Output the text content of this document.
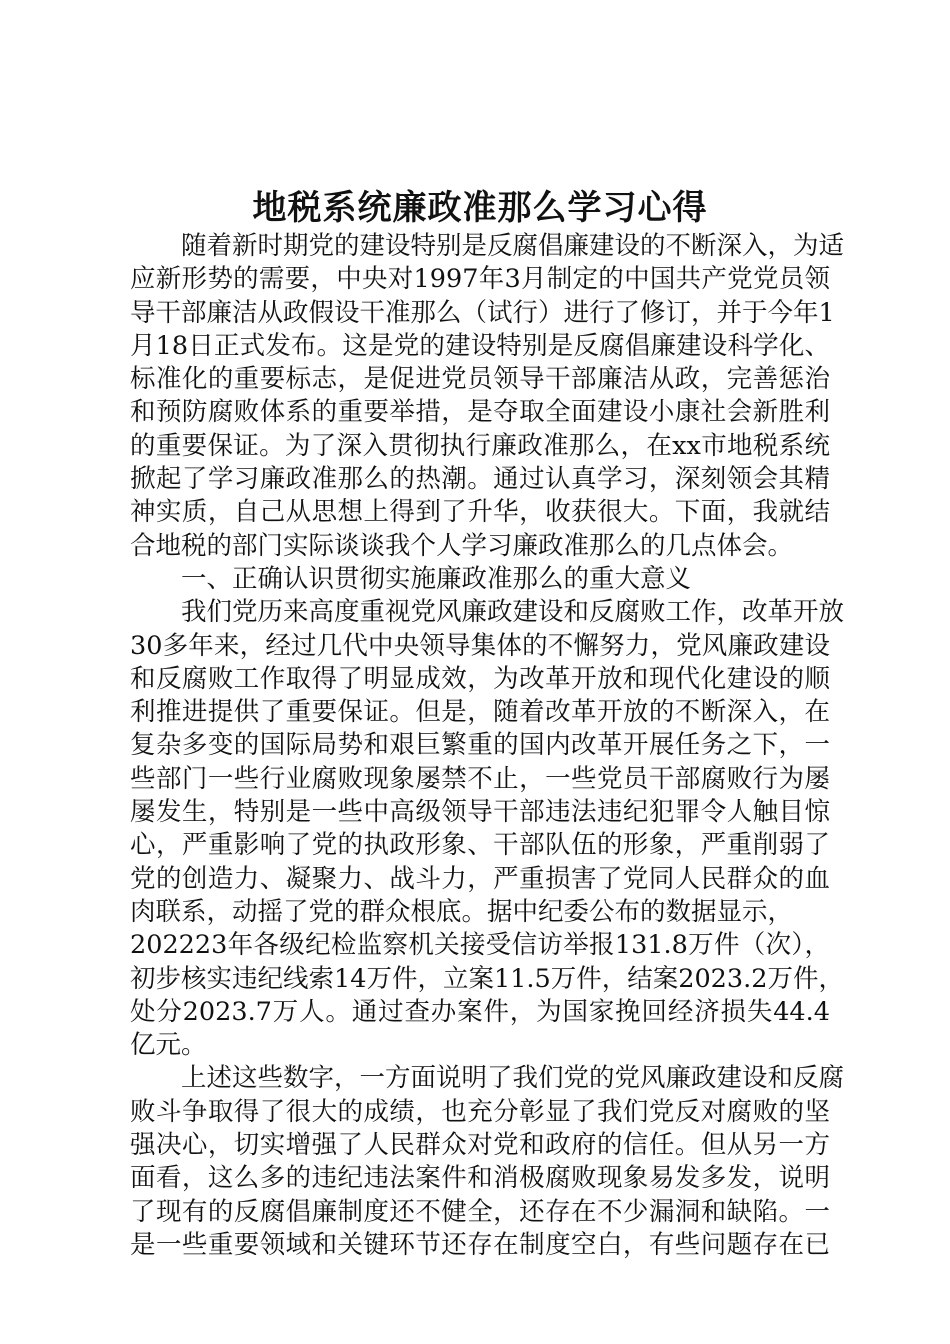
地税系统廉政准那么学习心得
随着新时期党的建设特别是反腐倡廉建设的不断深入，为适
应新形势的需要，中央对1997年3月制定的中国共产党党员领
导干部廉洁从政假设干准那么（试行）进行了修订，并于今年1
月18日正式发布。这是党的建设特别是反腐倡廉建设科学化、
标准化的重要标志，是促进党员领导干部廉洁从政，完善惩治
和预防腐败体系的重要举措，是夺取全面建设小康社会新胜利
的重要保证。为了深入贯彻执行廉政准那么，在xx市地税系统
掀起了学习廉政准那么的热潮。通过认真学习，深刻领会其精
神实质，自己从思想上得到了升华，收获很大。下面，我就结
合地税的部门实际谈谈我个人学习廉政准那么的几点体会。
一、正确认识贯彻实施廉政准那么的重大意义
我们党历来高度重视党风廉政建设和反腐败工作，改革开放
30多年来，经过几代中央领导集体的不懈努力，党风廉政建设
和反腐败工作取得了明显成效，为改革开放和现代化建设的顺
利推进提供了重要保证。但是，随着改革开放的不断深入，在
复杂多变的国际局势和艰巨繁重的国内改革开展任务之下，一
些部门一些行业腐败现象屡禁不止，一些党员干部腐败行为屡
屡发生，特别是一些中高级领导干部违法违纪犯罪令人触目惊
心，严重影响了党的执政形象、干部队伍的形象，严重削弱了
党的创造力、凝聚力、战斗力，严重损害了党同人民群众的血
肉联系，动摇了党的群众根底。据中纪委公布的数据显示，
202223年各级纪检监察机关接受信访举报131.8万件（次），
初步核实违纪线索14万件，立案11.5万件，结案2023.2万件，
处分2023.7万人。通过查办案件，为国家挽回经济损失44.4
亿元。
上述这些数字，一方面说明了我们党的党风廉政建设和反腐
败斗争取得了很大的成绩，也充分彰显了我们党反对腐败的坚
强决心，切实增强了人民群众对党和政府的信任。但从另一方
面看，这么多的违纪违法案件和消极腐败现象易发多发，说明
了现有的反腐倡廉制度还不健全，还存在不少漏洞和缺陷。一
是一些重要领域和关键环节还存在制度空白，有些问题存在已
